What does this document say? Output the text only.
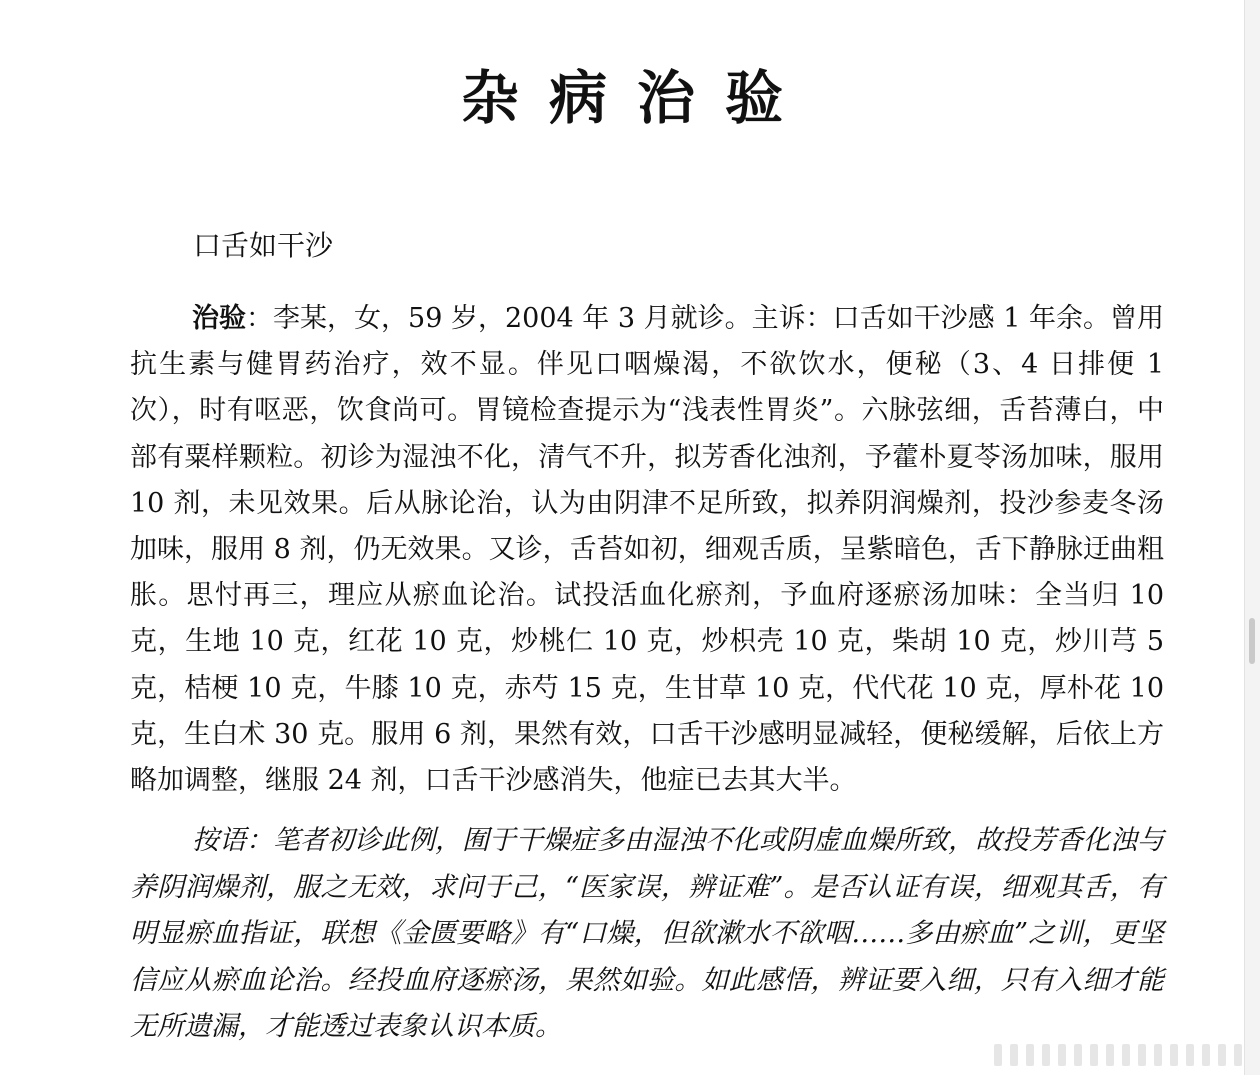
杂病治验
口舌如干沙

治验：李某，女，59 岁，2004 年 3 月就诊。主诉：口舌如干沙感 1 年余。曾用抗生素与健胃药治疗，效不显。伴见口咽燥渴，不欲饮水，便秘（3、4 日排便 1 次），时有呕恶，饮食尚可。胃镜检查提示为“浅表性胃炎”。六脉弦细，舌苔薄白，中部有粟样颗粒。初诊为湿浊不化，清气不升，拟芳香化浊剂，予藿朴夏苓汤加味，服用 10 剂，未见效果。后从脉论治，认为由阴津不足所致，拟养阴润燥剂，投沙参麦冬汤加味，服用 8 剂，仍无效果。又诊，舌苔如初，细观舌质，呈紫暗色，舌下静脉迂曲粗胀。思忖再三，理应从瘀血论治。试投活血化瘀剂，予血府逐瘀汤加味：全当归 10 克，生地 10 克，红花 10 克，炒桃仁 10 克，炒枳壳 10 克，柴胡 10 克，炒川芎 5 克，桔梗 10 克，牛膝 10 克，赤芍 15 克，生甘草 10 克，代代花 10 克，厚朴花 10 克，生白术 30 克。服用 6 剂，果然有效，口舌干沙感明显减轻，便秘缓解，后依上方略加调整，继服 24 剂，口舌干沙感消失，他症已去其大半。

按语：笔者初诊此例，囿于干燥症多由湿浊不化或阴虚血燥所致，故投芳香化浊与养阴润燥剂，服之无效，求问于己，“医家误，辨证难”。是否认证有误，细观其舌，有明显瘀血指证，联想《金匮要略》有“口燥，但欲漱水不欲咽……多由瘀血”之训，更坚信应从瘀血论治。经投血府逐瘀汤，果然如验。如此感悟，辨证要入细，只有入细才能无所遗漏，才能透过表象认识本质。
